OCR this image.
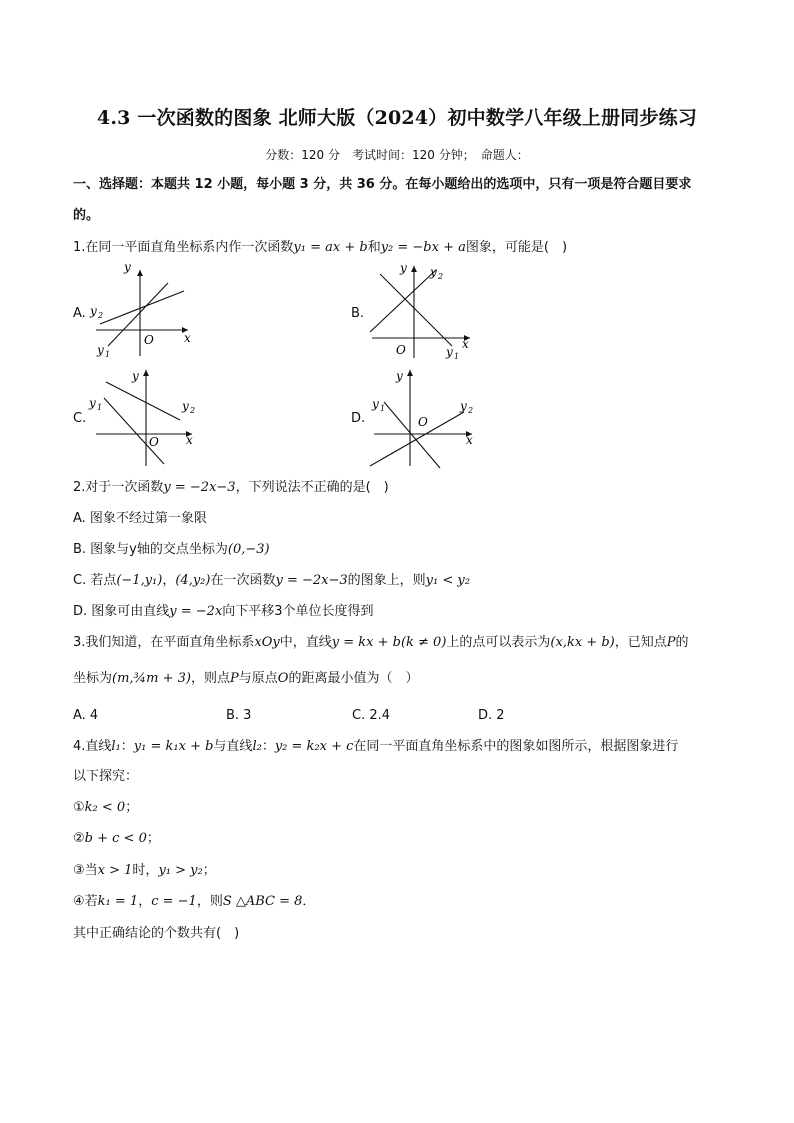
4.3 一次函数的图象 北师大版（2024）初中数学八年级上册同步练习
分数：120 分　考试时间：120 分钟；　命题人：
一、选择题：本题共 12 小题，每小题 3 分，共 36 分。在每小题给出的选项中，只有一项是符合题目要求
的。
1.在同一平面直角坐标系内作一次函数y₁ = ax + b和y₂ = −bx + a图象，可能是(　)
A.	B.
C.	D.
y
x
O
y 2
y 1
y
x
O
y 2
y 1
y
x
O
y 1	y 2
y
x
O
y 1	y 2
2.对于一次函数y = −2x−3，下列说法不正确的是(　)
A. 图象不经过第一象限
B. 图象与y轴的交点坐标为(0,−3)
C. 若点(−1,y₁)，(4,y₂)在一次函数y = −2x−3的图象上，则y₁ < y₂
D. 图象可由直线y = −2x向下平移3个单位长度得到
3.我们知道，在平面直角坐标系xOy中，直线y = kx + b(k ≠ 0)上的点可以表示为(x,kx + b)，已知点P的
坐标为(m,¾m + 3)，则点P与原点O的距离最小值为（　）
A. 4	B. 3	C. 2.4	D. 2
4.直线l₁：y₁ = k₁x + b与直线l₂：y₂ = k₂x + c在同一平面直角坐标系中的图象如图所示，根据图象进行
以下探究：
①k₂ < 0；
②b + c < 0；
③当x > 1时，y₁ > y₂；
④若k₁ = 1，c = −1，则S △ABC = 8．
其中正确结论的个数共有(　)
